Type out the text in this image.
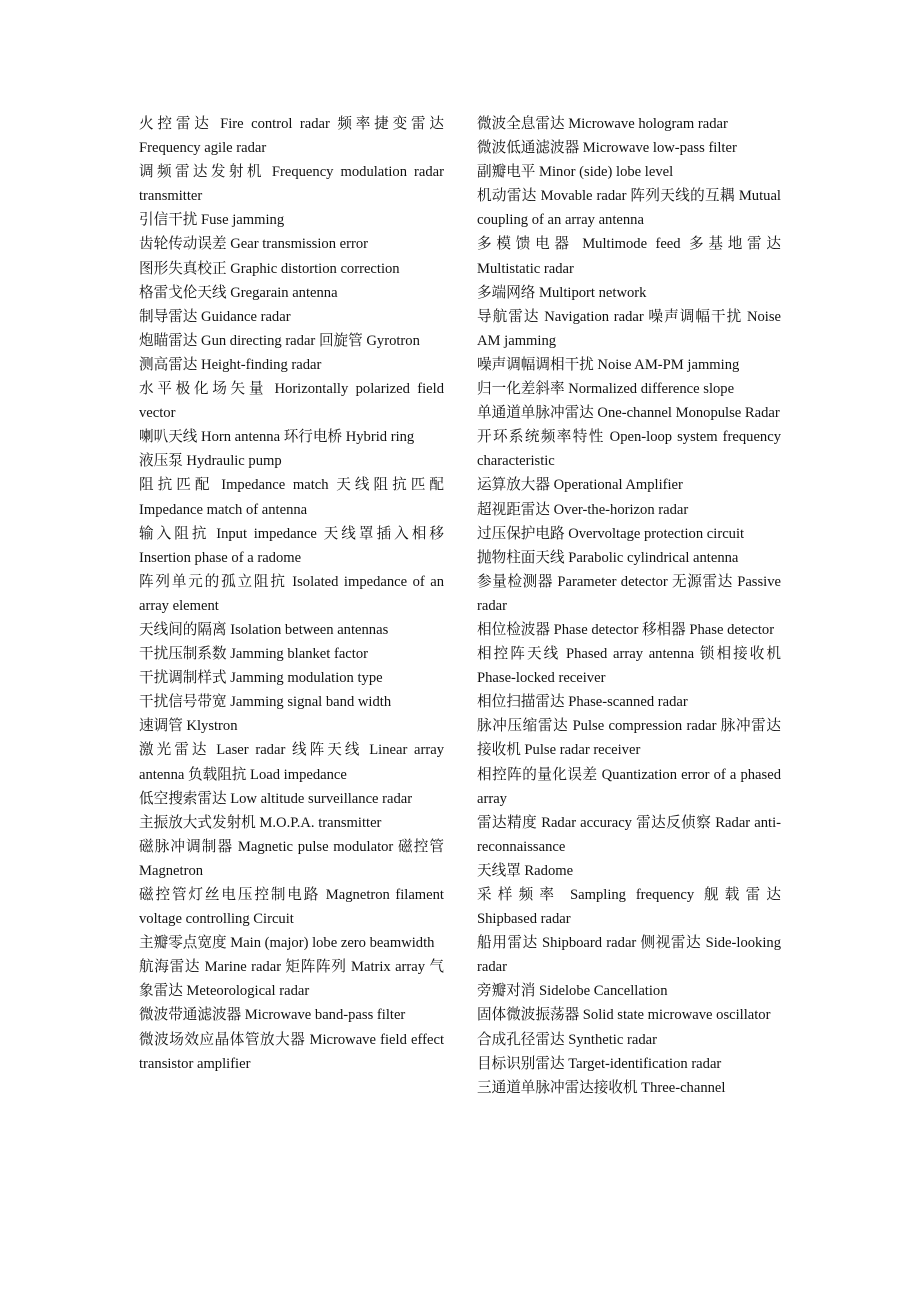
火控雷达 Fire control radar 频率捷变雷达 Frequency agile radar

调频雷达发射机 Frequency modulation radar transmitter

引信干扰 Fuse jamming

齿轮传动误差 Gear transmission error

图形失真校正 Graphic distortion correction

格雷戈伦天线 Gregarain antenna

制导雷达 Guidance radar

炮瞄雷达 Gun directing radar 回旋管 Gyrotron

测高雷达 Height-finding radar

水平极化场矢量 Horizontally polarized field vector

喇叭天线 Horn antenna 环行电桥 Hybrid ring

液压泵 Hydraulic pump

阻抗匹配 Impedance match 天线阻抗匹配 Impedance match of antenna

输入阻抗 Input impedance 天线罩插入相移 Insertion phase of a radome

阵列单元的孤立阻抗 Isolated impedance of an array element

天线间的隔离 Isolation between antennas

干扰压制系数 Jamming blanket factor

干扰调制样式 Jamming modulation type

干扰信号带宽 Jamming signal band width

速调管 Klystron

激光雷达 Laser radar 线阵天线 Linear array antenna 负载阻抗 Load impedance

低空搜索雷达 Low altitude surveillance radar

主振放大式发射机 M.O.P.A. transmitter

磁脉冲调制器 Magnetic pulse modulator 磁控管 Magnetron

磁控管灯丝电压控制电路 Magnetron filament voltage controlling Circuit

主瓣零点宽度 Main (major) lobe zero beamwidth

航海雷达 Marine radar 矩阵阵列 Matrix array 气象雷达 Meteorological radar

微波带通滤波器 Microwave band-pass filter

微波场效应晶体管放大器 Microwave field effect transistor amplifier

微波全息雷达 Microwave hologram radar

微波低通滤波器 Microwave low-pass filter

副瓣电平 Minor (side) lobe level

机动雷达 Movable radar 阵列天线的互耦 Mutual coupling of an array antenna

多模馈电器 Multimode feed 多基地雷达 Multistatic radar

多端网络 Multiport network

导航雷达 Navigation radar 噪声调幅干扰 Noise AM jamming

噪声调幅调相干扰 Noise AM-PM jamming

归一化差斜率 Normalized difference slope

单通道单脉冲雷达 One-channel Monopulse Radar

开环系统频率特性 Open-loop system frequency characteristic

运算放大器 Operational Amplifier

超视距雷达 Over-the-horizon radar

过压保护电路 Overvoltage protection circuit

抛物柱面天线 Parabolic cylindrical antenna

参量检测器 Parameter detector 无源雷达 Passive radar

相位检波器 Phase detector 移相器 Phase detector

相控阵天线 Phased array antenna 锁相接收机 Phase-locked receiver

相位扫描雷达 Phase-scanned radar

脉冲压缩雷达 Pulse compression radar 脉冲雷达接收机 Pulse radar receiver

相控阵的量化误差 Quantization error of a phased array

雷达精度 Radar accuracy 雷达反侦察 Radar anti-reconnaissance

天线罩 Radome

采样频率 Sampling frequency 舰载雷达 Shipbased radar

船用雷达 Shipboard radar 侧视雷达 Side-looking radar

旁瓣对消 Sidelobe Cancellation

固体微波振荡器 Solid state microwave oscillator

合成孔径雷达 Synthetic radar

目标识别雷达 Target-identification radar

三通道单脉冲雷达接收机 Three-channel
